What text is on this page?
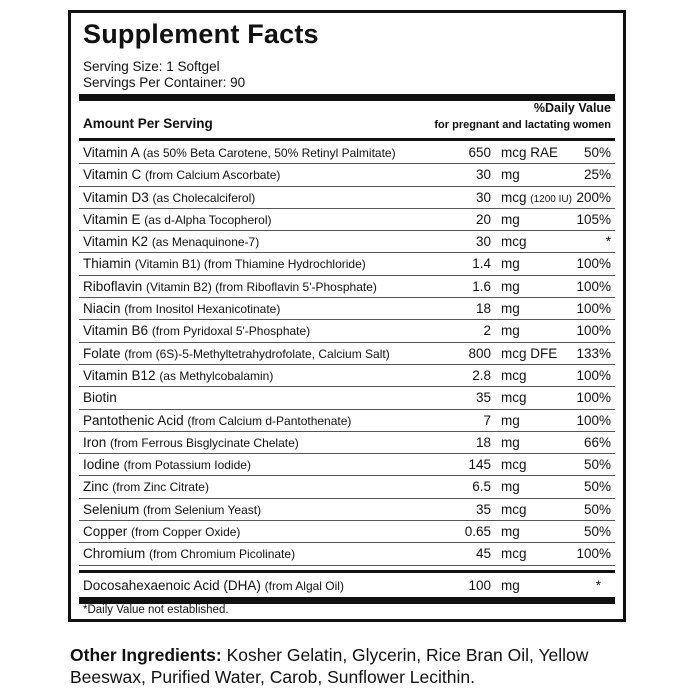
Supplement Facts
Serving Size: 1 Softgel
Servings Per Container: 90
%Daily Value
for pregnant and lactating women
Amount Per Serving
Vitamin A (as 50% Beta Carotene, 50% Retinyl Palmitate)	650 mcg RAE 50%
Vitamin C (from Calcium Ascorbate)	30 mg	25%
Vitamin D3 (as Cholecalciferol)	30 mcg (1200 IU) 200%
Vitamin E (as d-Alpha Tocopherol)	20 mg	105%
Vitamin K2 (as Menaquinone-7)	30 mcg	*
Thiamin (Vitamin B1) (from Thiamine Hydrochloride)	1.4 mg	100%
Riboflavin (Vitamin B2) (from Riboflavin 5'-Phosphate)	1.6 mg	100%
Niacin (from Inositol Hexanicotinate)	18 mg	100%
Vitamin B6 (from Pyridoxal 5'-Phosphate)	2 mg	100%
Folate (from (6S)-5-Methyltetrahydrofolate, Calcium Salt)	800 mcg DFE 133%
Vitamin B12 (as Methylcobalamin)	2.8 mcg	100%
Biotin	35 mcg	100%
Pantothenic Acid (from Calcium d-Pantothenate)	7 mg	100%
Iron (from Ferrous Bisglycinate Chelate)	18 mg	66%
Iodine (from Potassium Iodide)	145 mcg	50%
Zinc (from Zinc Citrate)	6.5 mg	50%
Selenium (from Selenium Yeast)	35 mcg	50%
Copper (from Copper Oxide)	0.65 mg	50%
Chromium (from Chromium Picolinate)	45 mcg	100%
Docosahexaenoic Acid (DHA) (from Algal Oil)	100 mg	*
*Daily Value not established.
Other Ingredients: Kosher Gelatin, Glycerin, Rice Bran Oil, Yellow Beeswax, Purified Water, Carob, Sunflower Lecithin.
